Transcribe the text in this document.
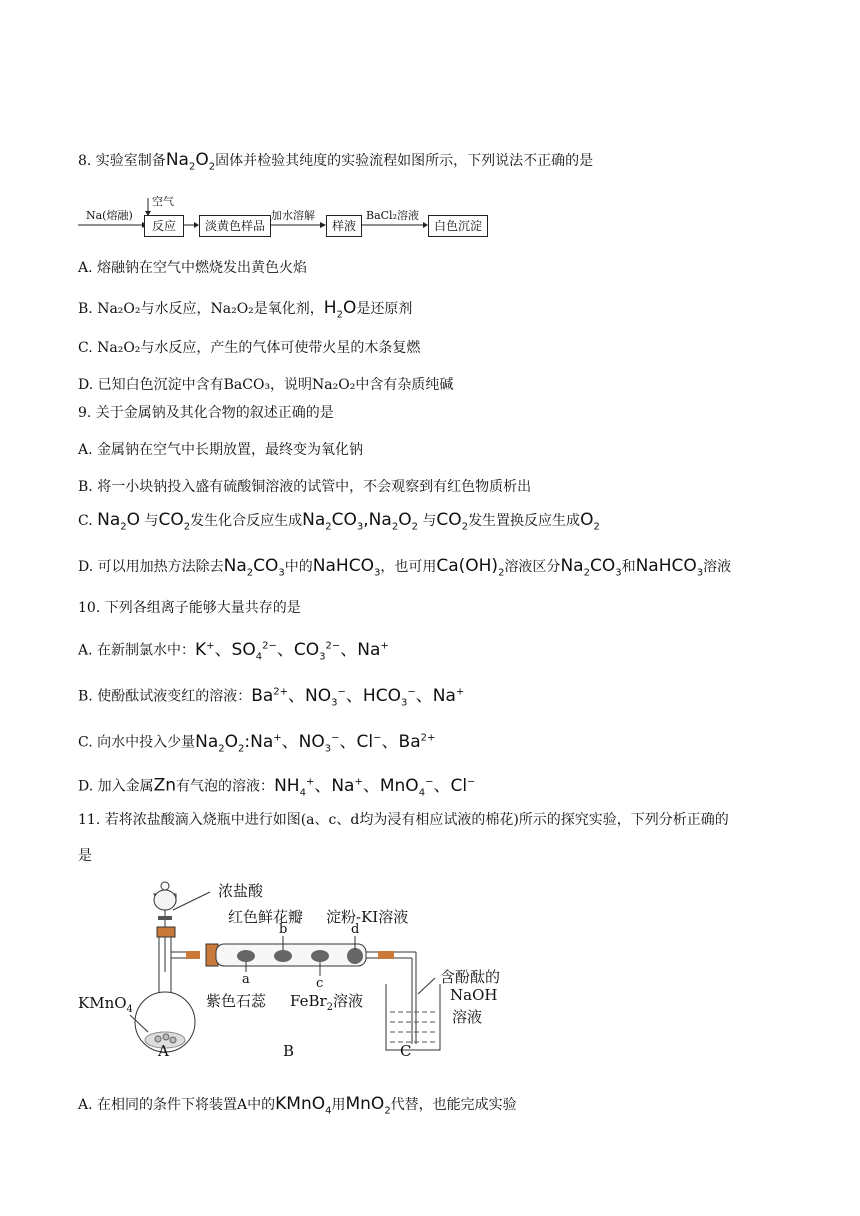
8. 实验室制备$Na_2O_2$固体并检验其纯度的实验流程如图所示，下列说法不正确的是
Na(熔融)
空气
反应	淡黄色样品
加水溶解
样液
BaCl₂溶液
白色沉淀
A. 熔融钠在空气中燃烧发出黄色火焰
B. Na₂O₂与水反应，Na₂O₂是氧化剂，$H_2O$是还原剂
C. Na₂O₂与水反应，产生的气体可使带火星的木条复燃
D. 已知白色沉淀中含有BaCO₃，说明Na₂O₂中含有杂质纯碱
9. 关于金属钠及其化合物的叙述正确的是
A. 金属钠在空气中长期放置，最终变为氧化钠
B. 将一小块钠投入盛有硫酸铜溶液的试管中，不会观察到有红色物质析出
C. $Na_2O$ 与$CO_2$发生化合反应生成$Na_2CO_3,Na_2O_2$ 与$CO_2$发生置换反应生成$O_2$
D. 可以用加热方法除去$Na_2CO_3$中的NaHCO$_3$，也可用$Ca(OH)_2$溶液区分$Na_2CO_3$和NaHCO$_3$溶液
10. 下列各组离子能够大量共存的是
A. 在新制氯水中：K+、$SO_4^{2-}$、$CO_3^{2-}$、Na+
B. 使酚酞试液变红的溶液：$Ba^{2+}$、$NO_3^-$、$HCO_3^-$、Na+
C. 向水中投入少量$Na_2O_2:Na^+$、$NO_3^-$、Cl−、$Ba^{2+}$
D. 加入金属Zn有气泡的溶液：$NH_4^+$、Na+、MnO$_4$−、Cl−
11. 若将浓盐酸滴入烧瓶中进行如图(a、c、d均为浸有相应试液的棉花)所示的探究实验，下列分析正确的
是
浓盐酸
红色鲜花瓣 淀粉-KI溶液
b	d
a	c
KMnO$_4$	紫色石蕊 FeBr$_2$溶液
含酚酞的
NaOH
溶液
A	B	C
A. 在相同的条件下将装置A中的KMnO$_4$用MnO$_2$代替，也能完成实验
